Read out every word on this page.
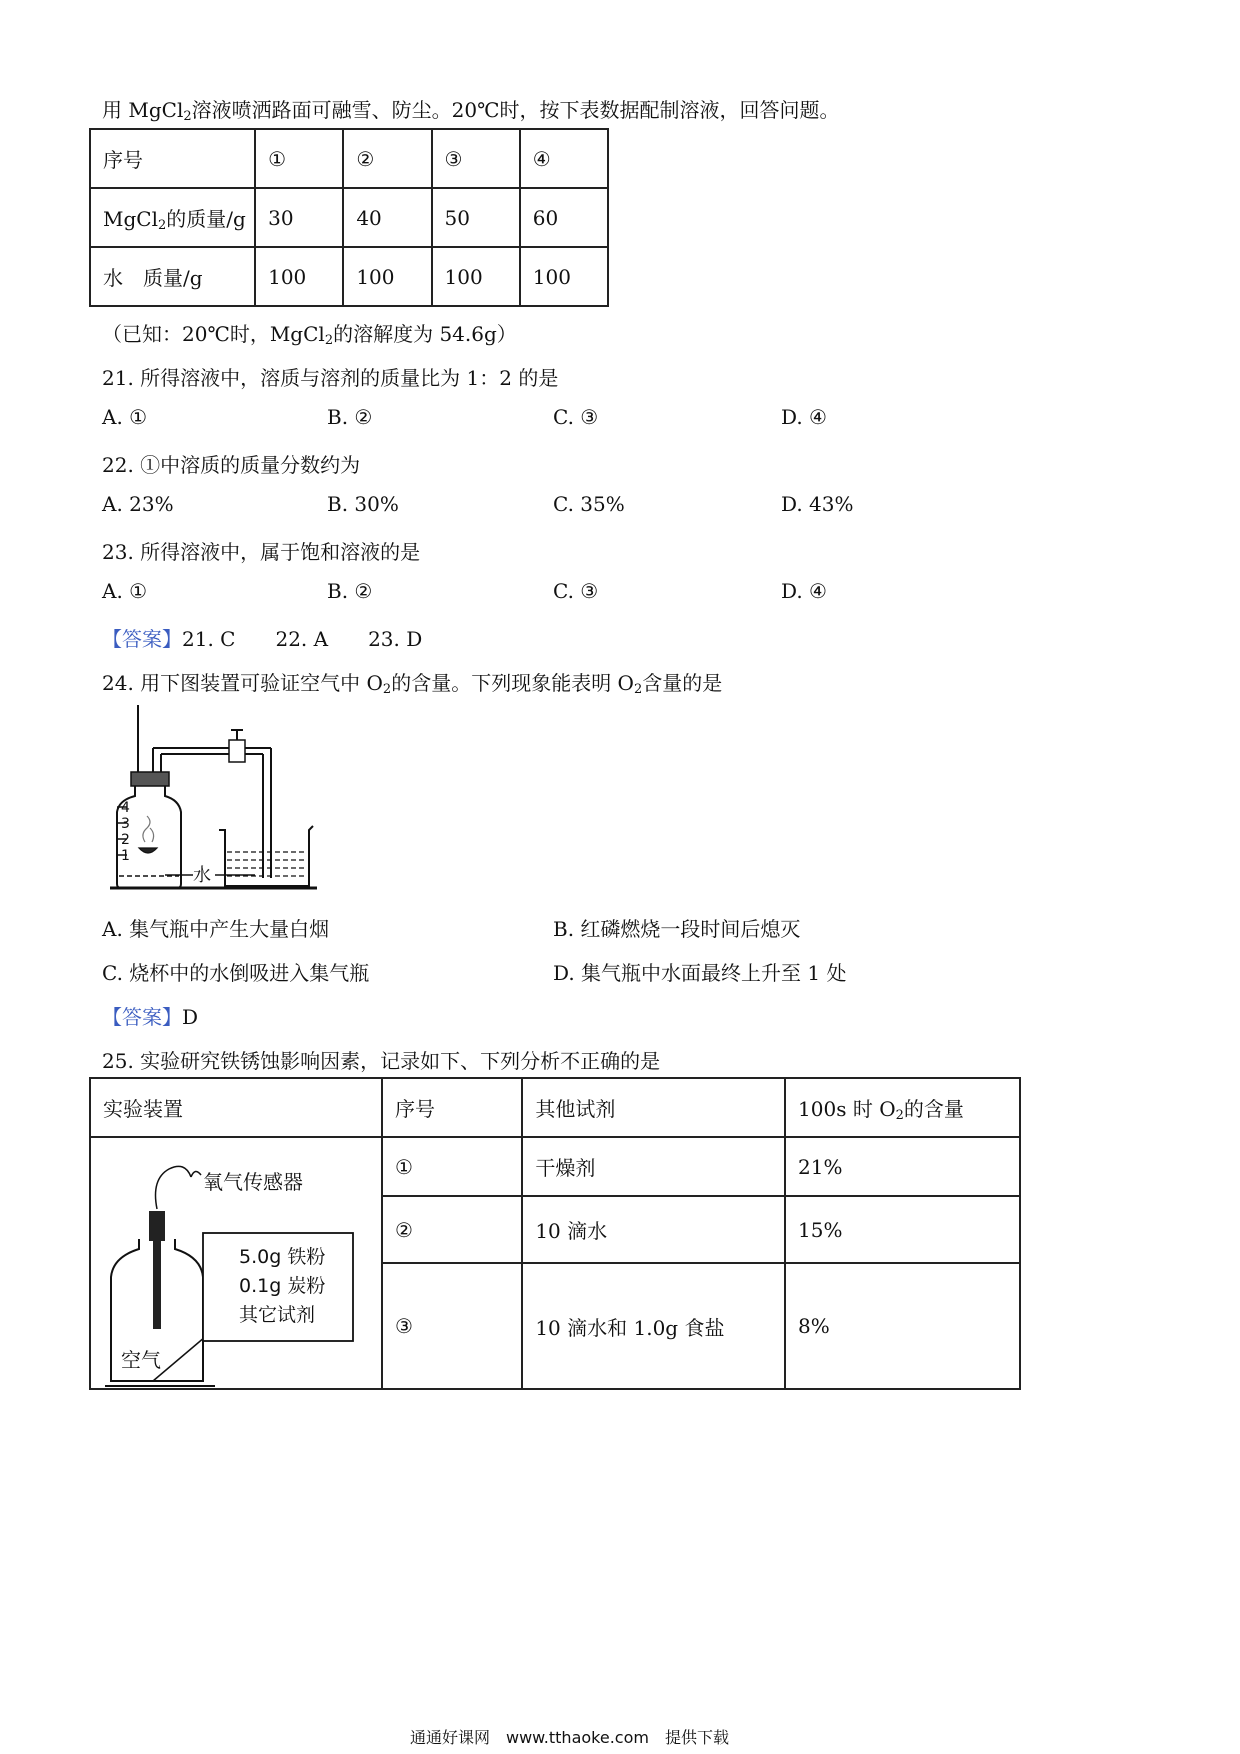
用 MgCl$_2$溶液喷洒路面可融雪、防尘。20℃时，按下表数据配制溶液，回答问题。
序号	①	②	③	④
MgCl$_2$的质量/g	30	40	50	60
水　质量/g	100	100	100	100
（已知：20℃时，MgCl$_2$的溶解度为 54.6g）
21. 所得溶液中，溶质与溶剂的质量比为 1：2 的是
A. ①	B. ②	C. ③	D. ④
22. ①中溶质的质量分数约为
A. 23%	B. 30%	C. 35%	D. 43%
23. 所得溶液中，属于饱和溶液的是
A. ①	B. ②	C. ③	D. ④
【答案】21. C　　22. A　　23. D
24. 用下图装置可验证空气中 $O_2$的含量。下列现象能表明 $O_2$含量的是
4
3
2
1
水
A. 集气瓶中产生大量白烟	B. 红磷燃烧一段时间后熄灭
C. 烧杯中的水倒吸进入集气瓶	D. 集气瓶中水面最终上升至 1 处
【答案】D
25. 实验研究铁锈蚀影响因素，记录如下、下列分析不正确的是
实验装置	序号	其他试剂	100s 时 $O_2$的含量

氧气传感器
空气
5.0g 铁粉
0.1g 炭粉
其它试剂	①	干燥剂	21%
	②	10 滴水	15%
	③	10 滴水和 1.0g 食盐	8%
通通好课网　www.tthaoke.com　提供下载
